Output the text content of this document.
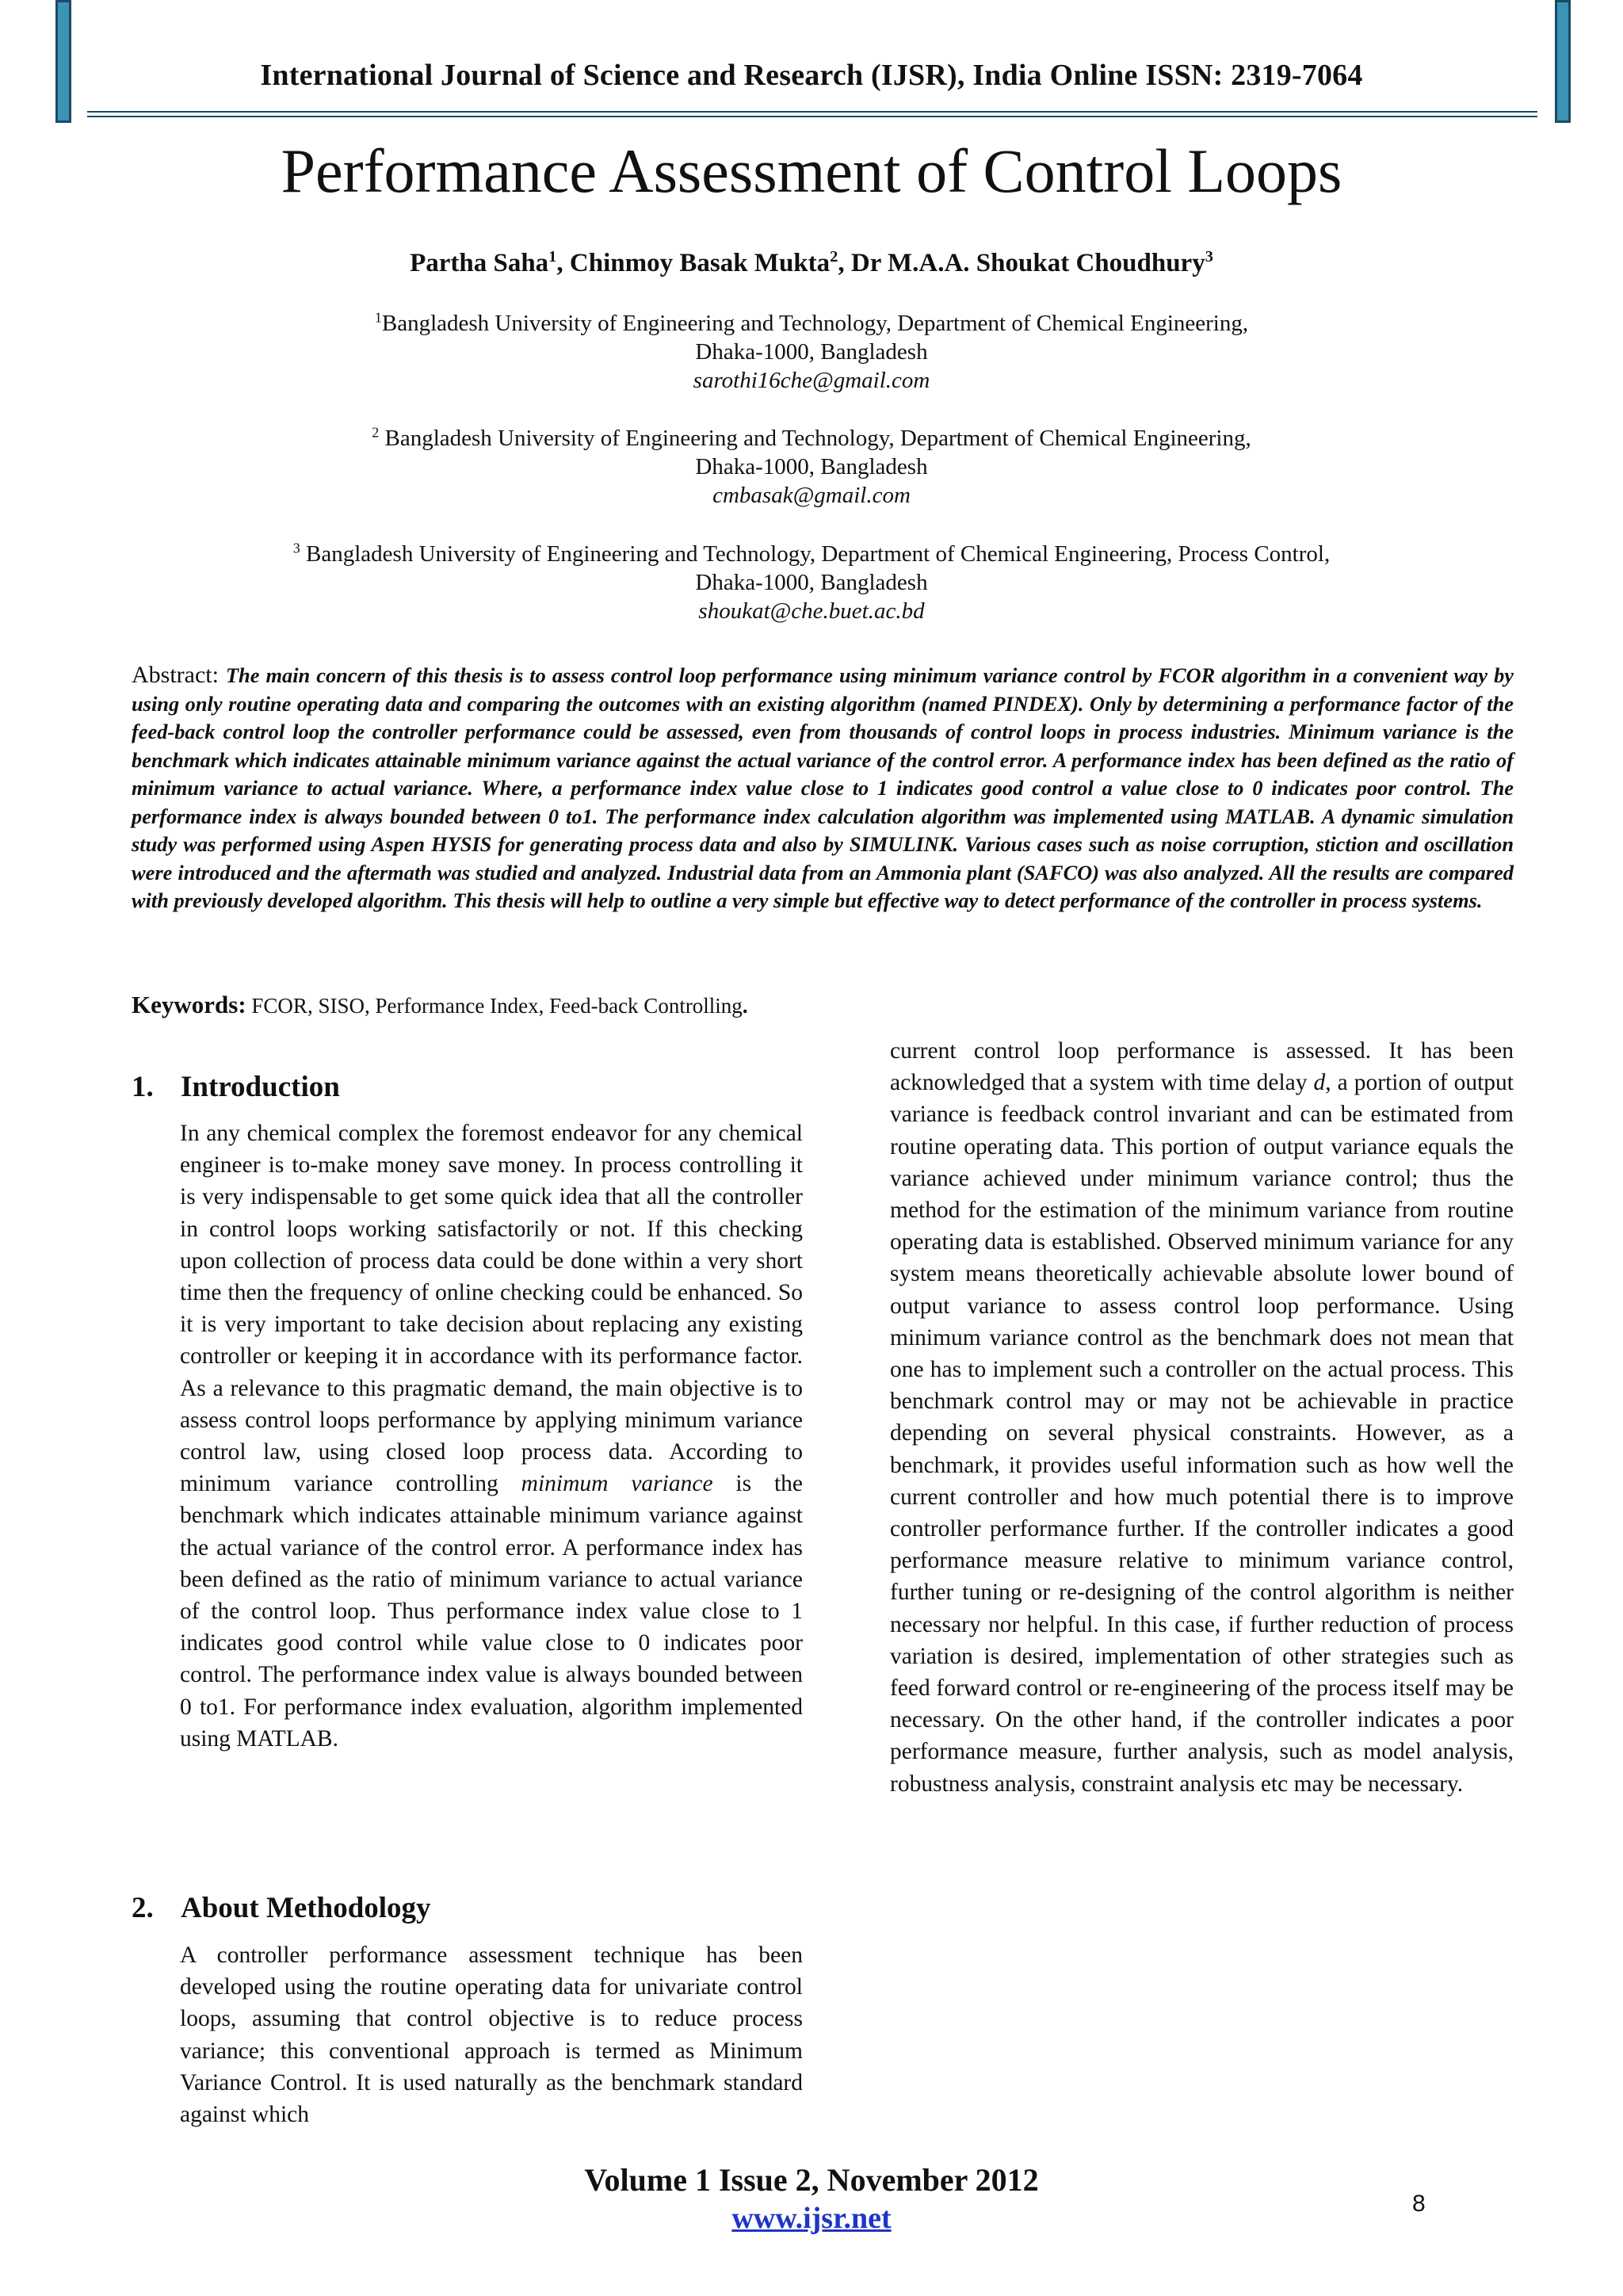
International Journal of Science and Research (IJSR), India Online ISSN: 2319-7064
Performance Assessment of Control Loops
Partha Saha$^1$, Chinmoy Basak Mukta$^2$, Dr M.A.A. Shoukat Choudhury$^3$
$^1$Bangladesh University of Engineering and Technology, Department of Chemical Engineering,
Dhaka-1000, Bangladesh
sarothi16che@gmail.com
$^2$ Bangladesh University of Engineering and Technology, Department of Chemical Engineering,
Dhaka-1000, Bangladesh
cmbasak@gmail.com
$^3$ Bangladesh University of Engineering and Technology, Department of Chemical Engineering, Process Control,
Dhaka-1000, Bangladesh
shoukat@che.buet.ac.bd
Abstract: The main concern of this thesis is to assess control loop performance using minimum variance control by FCOR algorithm in a convenient way by using only routine operating data and comparing the outcomes with an existing algorithm (named PINDEX). Only by determining a performance factor of the feed-back control loop the controller performance could be assessed, even from thousands of control loops in process industries. Minimum variance is the benchmark which indicates attainable minimum variance against the actual variance of the control error. A performance index has been defined as the ratio of minimum variance to actual variance. Where, a performance index value close to 1 indicates good control a value close to 0 indicates poor control. The performance index is always bounded between 0 to1. The performance index calculation algorithm was implemented using MATLAB. A dynamic simulation study was performed using Aspen HYSIS for generating process data and also by SIMULINK. Various cases such as noise corruption, stiction and oscillation were introduced and the aftermath was studied and analyzed. Industrial data from an Ammonia plant (SAFCO) was also analyzed. All the results are compared with previously developed algorithm. This thesis will help to outline a very simple but effective way to detect performance of the controller in process systems.
Keywords: FCOR, SISO, Performance Index, Feed-back Controlling.
1. Introduction
In any chemical complex the foremost endeavor for any chemical engineer is to-make money save money. In process controlling it is very indispensable to get some quick idea that all the controller in control loops working satisfactorily or not. If this checking upon collection of process data could be done within a very short time then the frequency of online checking could be enhanced. So it is very important to take decision about replacing any existing controller or keeping it in accordance with its performance factor. As a relevance to this pragmatic demand, the main objective is to assess control loops performance by applying minimum variance control law, using closed loop process data. According to minimum variance controlling minimum variance is the benchmark which indicates attainable minimum variance against the actual variance of the control error. A performance index has been defined as the ratio of minimum variance to actual variance of the control loop. Thus performance index value close to 1 indicates good control while value close to 0 indicates poor control. The performance index value is always bounded between 0 to1. For performance index evaluation, algorithm implemented using MATLAB.
2. About Methodology
A controller performance assessment technique has been developed using the routine operating data for univariate control loops, assuming that control objective is to reduce process variance; this conventional approach is termed as Minimum Variance Control. It is used naturally as the benchmark standard against which
current control loop performance is assessed. It has been acknowledged that a system with time delay d, a portion of output variance is feedback control invariant and can be estimated from routine operating data. This portion of output variance equals the variance achieved under minimum variance control; thus the method for the estimation of the minimum variance from routine operating data is established. Observed minimum variance for any system means theoretically achievable absolute lower bound of output variance to assess control loop performance. Using minimum variance control as the benchmark does not mean that one has to implement such a controller on the actual process. This benchmark control may or may not be achievable in practice depending on several physical constraints. However, as a benchmark, it provides useful information such as how well the current controller and how much potential there is to improve controller performance further. If the controller indicates a good performance measure relative to minimum variance control, further tuning or re-designing of the control algorithm is neither necessary nor helpful. In this case, if further reduction of process variation is desired, implementation of other strategies such as feed forward control or re-engineering of the process itself may be necessary. On the other hand, if the controller indicates a poor performance measure, further analysis, such as model analysis, robustness analysis, constraint analysis etc may be necessary.
Volume 1 Issue 2, November 2012
www.ijsr.net	8
